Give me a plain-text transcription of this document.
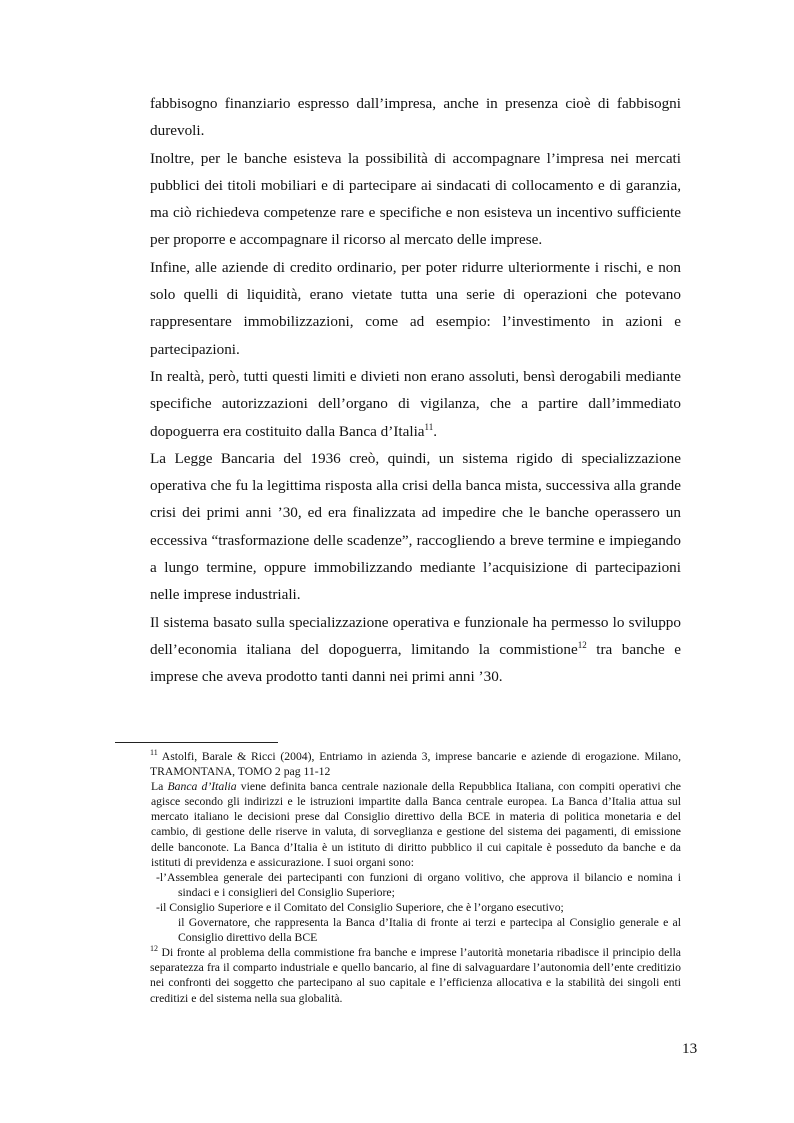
fabbisogno finanziario espresso dall’impresa, anche in presenza cioè di fabbisogni durevoli.

Inoltre, per le banche esisteva la possibilità di accompagnare l’impresa nei mercati pubblici dei titoli mobiliari e di partecipare ai sindacati di collocamento e di garanzia, ma ciò richiedeva competenze rare e specifiche e non esisteva un incentivo sufficiente per proporre e accompagnare il ricorso al mercato delle imprese.

Infine, alle aziende di credito ordinario, per poter ridurre ulteriormente i rischi, e non solo quelli di liquidità, erano vietate tutta una serie di operazioni che potevano rappresentare immobilizzazioni, come ad esempio: l’investimento in azioni e partecipazioni.

In realtà, però, tutti questi limiti e divieti non erano assoluti, bensì derogabili mediante specifiche autorizzazioni dell’organo di vigilanza, che a partire dall’immediato dopoguerra era costituito dalla Banca d’Italia$^{11}$.

La Legge Bancaria del 1936 creò, quindi, un sistema rigido di specializzazione operativa che fu la legittima risposta alla crisi della banca mista, successiva alla grande crisi dei primi anni ’30, ed era finalizzata ad impedire che le banche operassero un eccessiva “trasformazione delle scadenze”, raccogliendo a breve termine e impiegando a lungo termine, oppure immobilizzando mediante l’acquisizione di partecipazioni nelle imprese industriali.

Il sistema basato sulla specializzazione operativa e funzionale ha permesso lo sviluppo dell’economia italiana del dopoguerra, limitando la commistione$^{12}$ tra banche e imprese che aveva prodotto tanti danni nei primi anni ’30.

$^{11}$ Astolfi, Barale & Ricci (2004), Entriamo in azienda 3, imprese bancarie e aziende di erogazione. Milano, TRAMONTANA, TOMO 2 pag 11-12

La Banca d’Italia viene definita banca centrale nazionale della Repubblica Italiana, con compiti operativi che agisce secondo gli indirizzi e le istruzioni impartite dalla Banca centrale europea. La Banca d’Italia attua sul mercato italiano le decisioni prese dal Consiglio direttivo della BCE in materia di politica monetaria e del cambio, di gestione delle riserve in valuta, di sorveglianza e gestione del sistema dei pagamenti, di emissione delle banconote. La Banca d’Italia è un istituto di diritto pubblico il cui capitale è posseduto da banche e da istituti di previdenza e assicurazione. I suoi organi sono:

-l’Assemblea generale dei partecipanti con funzioni di organo volitivo, che approva il bilancio e nomina i sindaci e i consiglieri del Consiglio Superiore;

-il Consiglio Superiore e il Comitato del Consiglio Superiore, che è l’organo esecutivo;

il Governatore, che rappresenta la Banca d’Italia di fronte ai terzi e partecipa al Consiglio generale e al Consiglio direttivo della BCE

$^{12}$ Di fronte al problema della commistione fra banche e imprese l’autorità monetaria ribadisce il principio della separatezza fra il comparto industriale e quello bancario, al fine di salvaguardare l’autonomia dell’ente creditizio nei confronti dei soggetto che partecipano al suo capitale e l’efficienza allocativa e la stabilità dei singoli enti creditizi e del sistema nella sua globalità.

13
